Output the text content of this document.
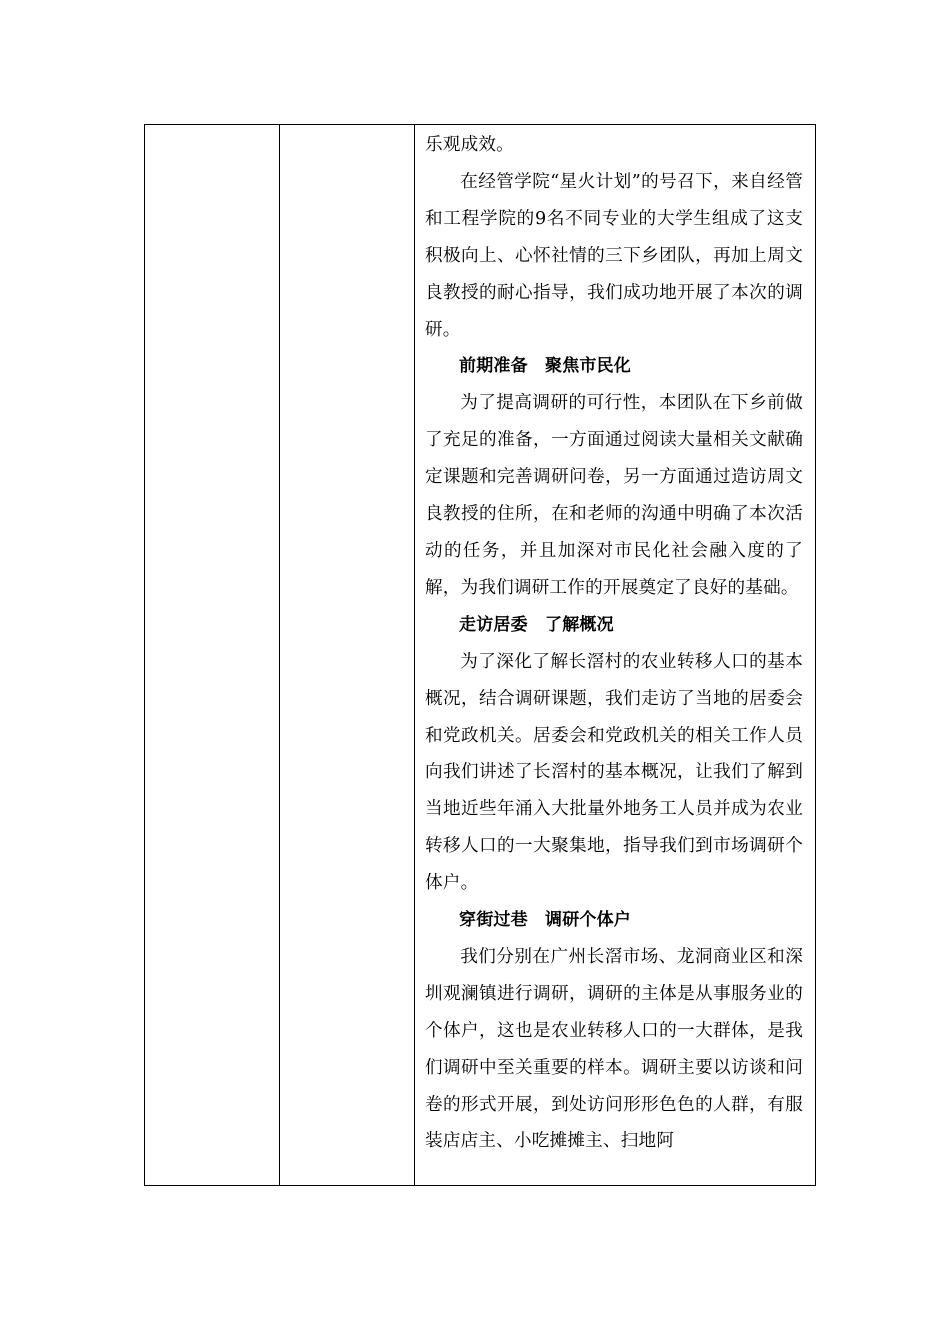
乐观成效。

在经管学院“星火计划”的号召下，来自经管和工程学院的9名不同专业的大学生组成了这支积极向上、心怀社情的三下乡团队，再加上周文良教授的耐心指导，我们成功地开展了本次的调研。

前期准备　聚焦市民化

为了提高调研的可行性，本团队在下乡前做了充足的准备，一方面通过阅读大量相关文献确定课题和完善调研问卷，另一方面通过造访周文良教授的住所，在和老师的沟通中明确了本次活动的任务，并且加深对市民化社会融入度的了解，为我们调研工作的开展奠定了良好的基础。

走访居委　了解概况

为了深化了解长滘村的农业转移人口的基本概况，结合调研课题，我们走访了当地的居委会和党政机关。居委会和党政机关的相关工作人员向我们讲述了长滘村的基本概况，让我们了解到当地近些年涌入大批量外地务工人员并成为农业转移人口的一大聚集地，指导我们到市场调研个体户。

穿街过巷　调研个体户

我们分别在广州长滘市场、龙洞商业区和深圳观澜镇进行调研，调研的主体是从事服务业的个体户，这也是农业转移人口的一大群体，是我们调研中至关重要的样本。调研主要以访谈和问卷的形式开展，到处访问形形色色的人群，有服装店店主、小吃摊摊主、扫地阿
